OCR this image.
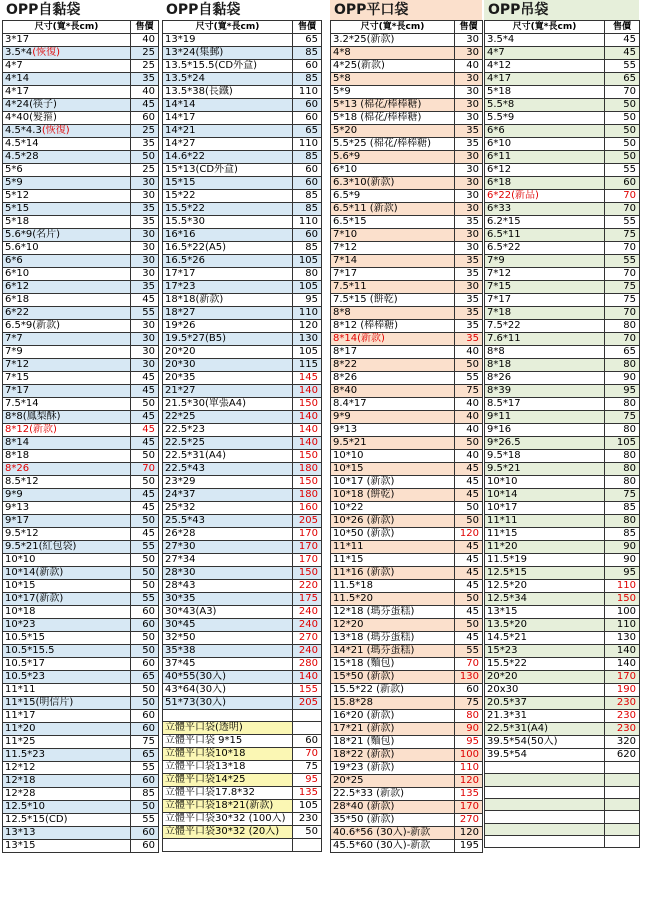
OPP自黏袋
尺寸(寬*長cm)	售價
3*17	40
3.5*4(恢復)	25
4*7	25
4*14	35
4*17	40
4*24(筷子)	45
4*40(髮箍)	60
4.5*4.3(恢復)	25
4.5*14	35
4.5*28	50
5*6	25
5*9	30
5*12	30
5*15	35
5*18	35
5.6*9(名片)	30
5.6*10	30
6*6	30
6*10	30
6*12	35
6*18	45
6*22	55
6.5*9(新款)	30
7*7	30
7*9	30
7*12	30
7*15	45
7*17	45
7.5*14	50
8*8(鳳梨酥)	45
8*12(新款)	45
8*14	45
8*18	50
8*26	70
8.5*12	50
9*9	45
9*13	45
9*17	50
9.5*12	45
9.5*21(紅包袋)	55
10*10	50
10*14(新款)	50
10*15	50
10*17(新款)	55
10*18	60
10*23	60
10.5*15	50
10.5*15.5	50
10.5*17	60
10.5*23	65
11*11	50
11*15(明信片)	50
11*17	60
11*20	60
11*25	75
11.5*23	65
12*12	55
12*18	60
12*28	85
12.5*10	50
12.5*15(CD)	55
13*13	60
13*15	60
OPP自黏袋
尺寸(寬*長cm)	售價
13*19	65
13*24(集郵)	85
13.5*15.5(CD外盒)	60
13.5*24	85
13.5*38(長鐵)	110
14*14	60
14*17	60
14*21	65
14*27	110
14.6*22	85
15*13(CD外盒)	60
15*15	60
15*22	85
15.5*22	85
15.5*30	110
16*16	60
16.5*22(A5)	85
16.5*26	105
17*17	80
17*23	105
18*18(新款)	95
18*27	110
19*26	120
19.5*27(B5)	130
20*20	105
20*30	115
20*35	145
21*27	140
21.5*30(單張A4)	150
22*25	140
22.5*23	140
22.5*25	140
22.5*31(A4)	150
22.5*43	180
23*29	150
24*37	180
25*32	160
25.5*43	205
26*28	170
27*30	170
27*34	170
28*30	150
28*43	220
30*35	175
30*43(A3)	240
30*45	240
32*50	270
35*38	240
37*45	280
40*55(30入)	140
43*64(30入)	155
51*73(30入)	205

立體平口袋(透明)	
立體平口袋 9*15	60
立體平口袋10*18	70
立體平口袋13*18	75
立體平口袋14*25	95
立體平口袋17.8*32	135
立體平口袋18*21(新款)	105
立體平口袋30*32 (100入)	230
立體平口袋30*32 (20入)	50

OPP平口袋
尺寸(寬*長cm)	售價
3.2*25(新款)	30
4*8	30
4*25(新款)	40
5*8	30
5*9	30
5*13 (棉花/棒棒糖)	30
5*18 (棉花/棒棒糖)	30
5*20	35
5.5*25 (棉花/棒棒糖)	35
5.6*9	30
6*10	30
6.3*10(新款)	30
6.5*9	30
6.5*11 (新款)	30
6.5*15	35
7*10	30
7*12	30
7*14	35
7*17	35
7.5*11	30
7.5*15 (餅乾)	35
8*8	35
8*12 (棒棒糖)	35
8*14(新款)	35
8*17	40
8*22	50
8*26	55
8*40	75
8.4*17	40
9*9	40
9*13	40
9.5*21	50
10*10	40
10*15	45
10*17 (新款)	45
10*18 (餅乾)	45
10*22	50
10*26 (新款)	50
10*50 (新款)	120
11*11	45
11*15	45
11*16 (新款)	45
11.5*18	45
11.5*20	50
12*18 (瑪芬蛋糕)	45
12*20	50
13*18 (瑪芬蛋糕)	45
14*21 (瑪芬蛋糕)	55
15*18 (麵包)	70
15*50 (新款)	130
15.5*22 (新款)	60
15.8*28	75
16*20 (新款)	80
17*21 (新款)	90
18*21 (麵包)	95
18*22 (新款)	100
19*23 (新款)	110
20*25	120
22.5*33 (新款)	135
28*40 (新款)	170
35*50 (新款)	270
40.6*56 (30入)-新款	120
45.5*60 (30入)-新款	195
OPP吊袋
尺寸(寬*長cm)	售價
3.5*4	45
4*7	45
4*12	55
4*17	65
5*18	70
5.5*8	50
5.5*9	50
6*6	50
6*10	50
6*11	50
6*12	55
6*18	60
6*22(新品)	70
6*33	70
6.2*15	55
6.5*11	75
6.5*22	70
7*9	55
7*12	70
7*15	75
7*17	75
7*18	70
7.5*22	80
7.6*11	70
8*8	65
8*18	80
8*26	90
8*39	95
8.5*17	80
9*11	75
9*16	80
9*26.5	105
9.5*18	80
9.5*21	80
10*10	80
10*14	75
10*17	85
11*11	80
11*15	85
11*20	90
11.5*19	90
12.5*15	95
12.5*20	110
12.5*34	150
13*15	100
13.5*20	110
14.5*21	130
15*23	140
15.5*22	140
20*20	170
20x30	190
20.5*37	230
21.3*31	230
22.5*31(A4)	230
39.5*54(50入)	320
39.5*54	620
